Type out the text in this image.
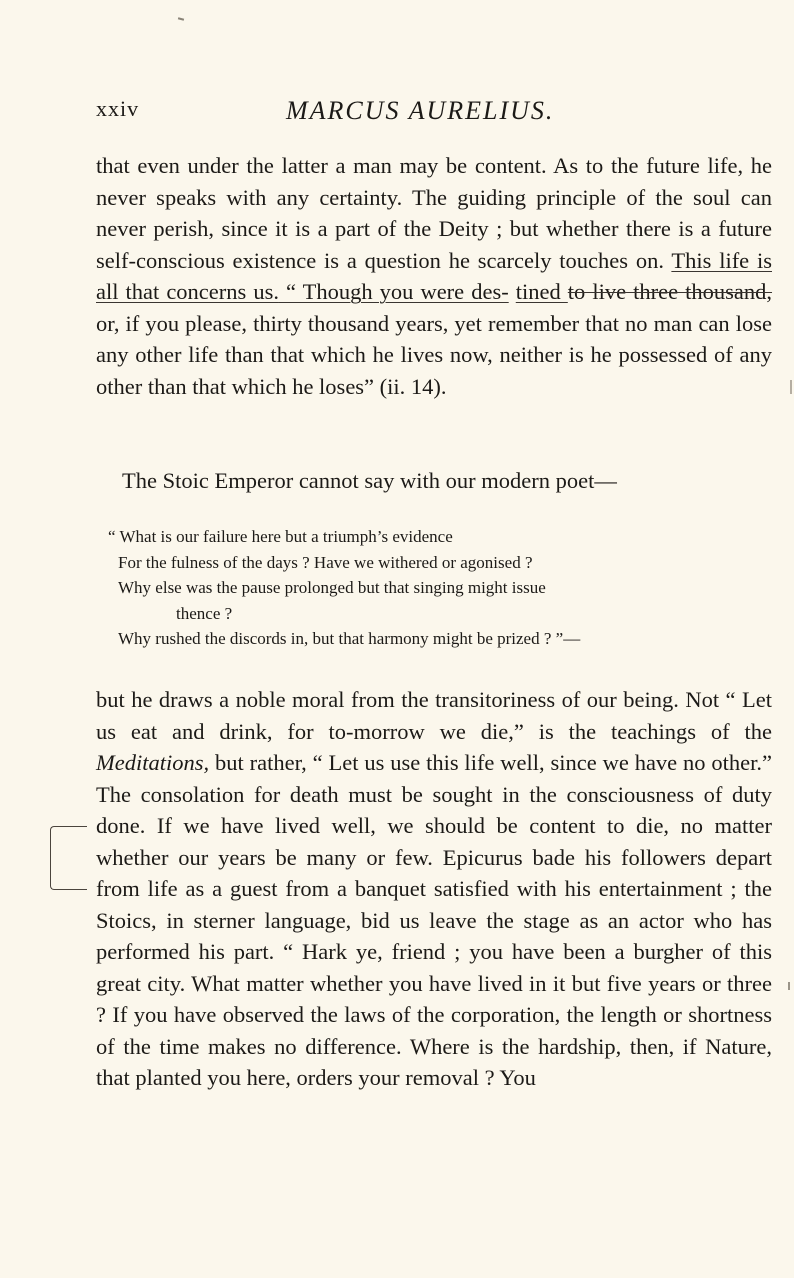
xxiv	MARCUS AURELIUS.

that even under the latter a man may be content. As to the future life, he never speaks with any certainty. The guiding principle of the soul can never perish, since it is a part of the Deity ; but whether there is a future self-conscious existence is a question he scarcely touches on. This life is all that concerns us. “ Though you were des- tined to live three thousand, or, if you please, thirty thousand years, yet remember that no man can lose any other life than that which he lives now, neither is he possessed of any other than that which he loses” (ii. 14).

The Stoic Emperor cannot say with our modern poet—

“ What is our failure here but a triumph’s evidence
For the fulness of the days ? Have we withered or agonised ?
Why else was the pause prolonged but that singing might issue
thence ?
Why rushed the discords in, but that harmony might be prized ? ”—

but he draws a noble moral from the transitoriness of our being. Not “ Let us eat and drink, for to-morrow we die,” is the teachings of the Meditations, but rather, “ Let us use this life well, since we have no other.” The consolation for death must be sought in the consciousness of duty done. If we have lived well, we should be content to die, no matter whether our years be many or few. Epicurus bade his followers depart from life as a guest from a banquet satisfied with his entertainment ; the Stoics, in sterner language, bid us leave the stage as an actor who has performed his part. “ Hark ye, friend ; you have been a burgher of this great city. What matter whether you have lived in it but five years or three ? If you have observed the laws of the corporation, the length or shortness of the time makes no difference. Where is the hardship, then, if Nature, that planted you here, orders your removal ? You
